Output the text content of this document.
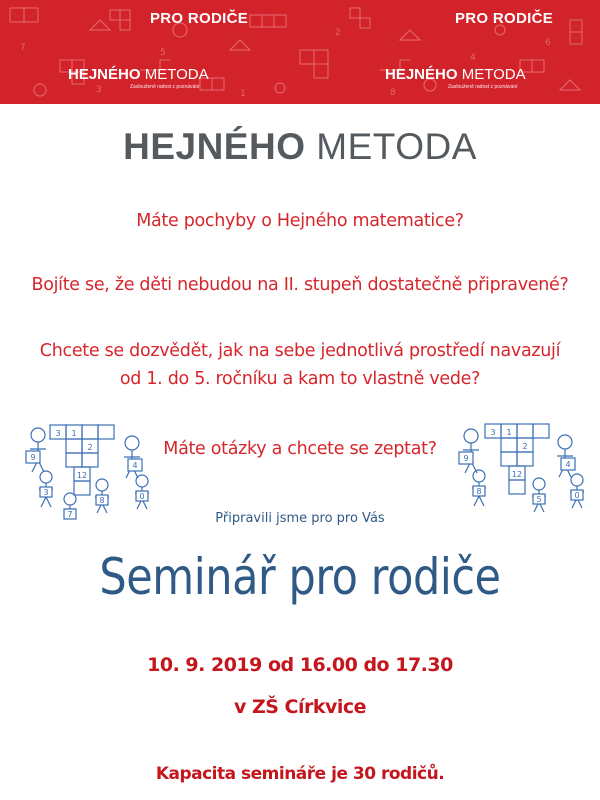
7
3
5
2
8
4
6
1
PRO RODIČE	PRO RODIČE
HEJNÉHO METODA
Zaslouženě radost z poznávání
HEJNÉHO METODA
Zaslouženě radost z poznávání
HEJNÉHO METODA
Máte pochyby o Hejného matematice?
Bojíte se, že děti nebudou na II. stupeň dostatečně připravené?
Chcete se dozvědět, jak na sebe jednotlivá prostředí navazují
od 1. do 5. ročníku a kam to vlastně vede?
Máte otázky a chcete se zeptat?
3 1
2
12
3
7
8
9
4
0
3 1
2
12
5
8
9
4
0
Připravili jsme pro pro Vás
Seminář pro rodiče
10. 9. 2019 od 16.00 do 17.30
v ZŠ Církvice
Kapacita semináře je 30 rodičů.
